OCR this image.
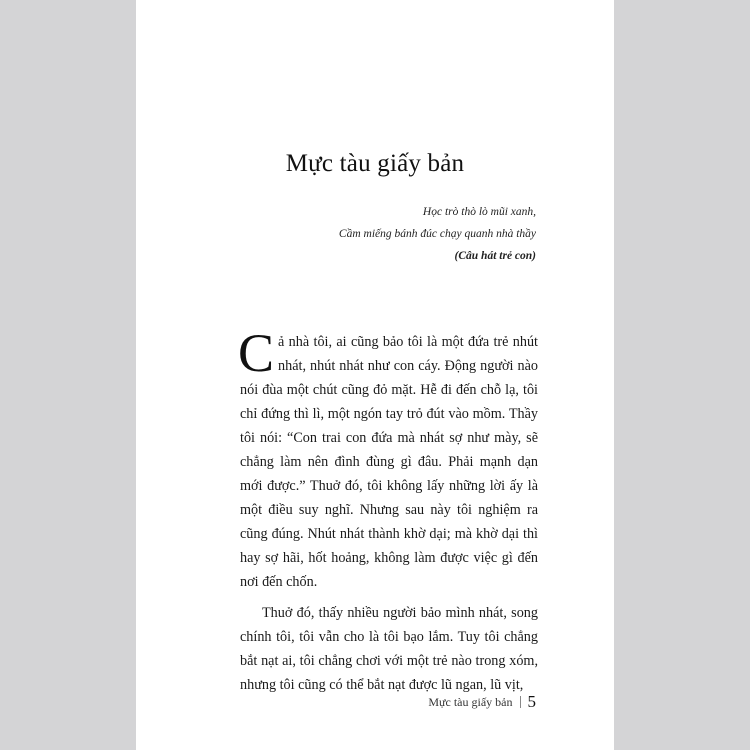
Mực tàu giấy bản
Học trò thò lò mũi xanh,
Cầm miếng bánh đúc chạy quanh nhà thầy
(Câu hát trẻ con)

Cả nhà tôi, ai cũng bảo tôi là một đứa trẻ nhút nhát, nhút nhát như con cáy. Động người nào nói đùa một chút cũng đỏ mặt. Hễ đi đến chỗ lạ, tôi chỉ đứng thì lì, một ngón tay trỏ đút vào mồm. Thầy tôi nói: “Con trai con đứa mà nhát sợ như mày, sẽ chẳng làm nên đình đùng gì đâu. Phải mạnh dạn mới được.” Thuở đó, tôi không lấy những lời ấy là một điều suy nghĩ. Nhưng sau này tôi nghiệm ra cũng đúng. Nhút nhát thành khờ dại; mà khờ dại thì hay sợ hãi, hốt hoảng, không làm được việc gì đến nơi đến chốn.

Thuở đó, thấy nhiều người bảo mình nhát, song chính tôi, tôi vẫn cho là tôi bạo lắm. Tuy tôi chẳng bắt nạt ai, tôi chẳng chơi với một trẻ nào trong xóm, nhưng tôi cũng có thể bắt nạt được lũ ngan, lũ vịt,

Mực tàu giấy bản 5
